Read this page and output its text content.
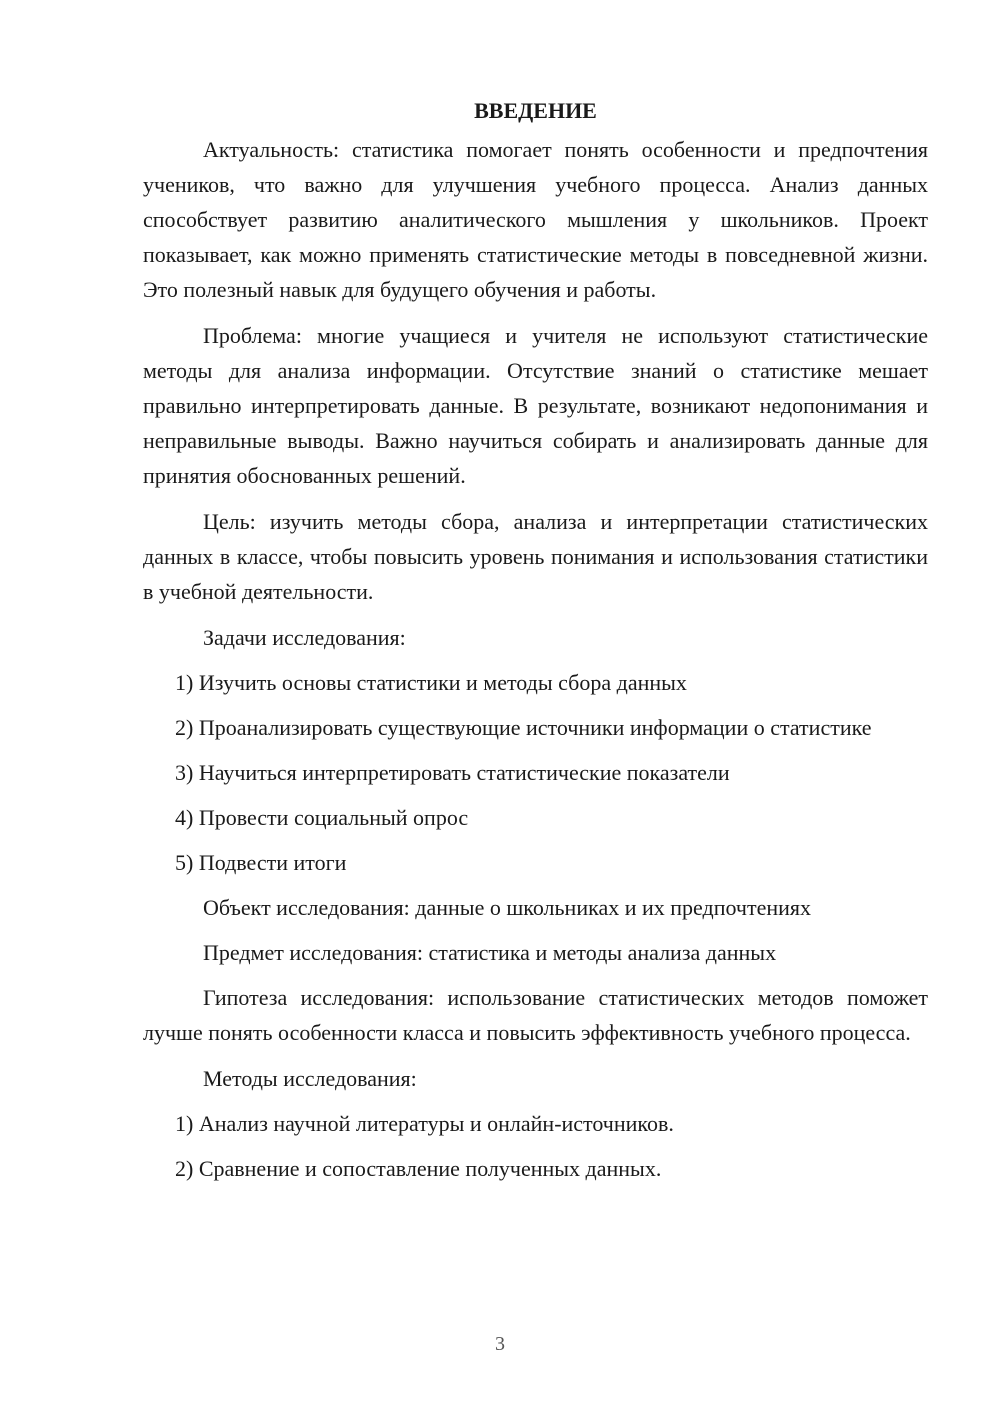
ВВЕДЕНИЕ

Актуальность: статистика помогает понять особенности и предпочтения учеников, что важно для улучшения учебного процесса. Анализ данных способствует развитию аналитического мышления у школьников. Проект показывает, как можно применять статистические методы в повседневной жизни. Это полезный навык для будущего обучения и работы.

Проблема: многие учащиеся и учителя не используют статистические методы для анализа информации. Отсутствие знаний о статистике мешает правильно интерпретировать данные. В результате, возникают недопонимания и неправильные выводы. Важно научиться собирать и анализировать данные для принятия обоснованных решений.

Цель: изучить методы сбора, анализа и интерпретации статистических данных в классе, чтобы повысить уровень понимания и использования статистики в учебной деятельности.

Задачи исследования:

1) Изучить основы статистики и методы сбора данных

2) Проанализировать существующие источники информации о статистике

3) Научиться интерпретировать статистические показатели

4) Провести социальный опрос

5) Подвести итоги

Объект исследования: данные о школьниках и их предпочтениях
Предмет исследования: статистика и методы анализа данных

Гипотеза исследования: использование статистических методов поможет лучше понять особенности класса и повысить эффективность учебного процесса.

Методы исследования:

1) Анализ научной литературы и онлайн-источников.

2) Сравнение и сопоставление полученных данных.

3
